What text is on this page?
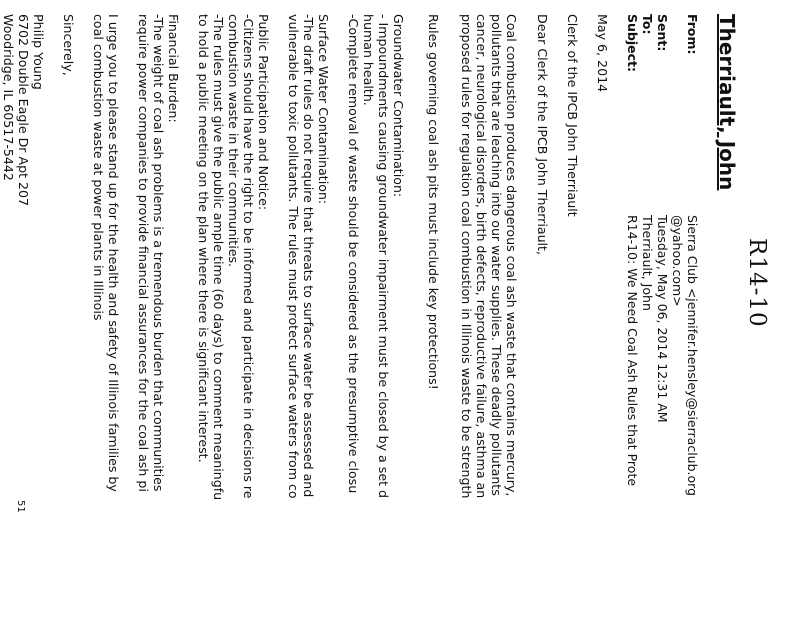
R14-10
Therriault, John
From:
Sierra Club <jennifer.hensley@sierraclub.org
@yahoo.com>
Sent:
Tuesday, May 06, 2014 12:31 AM
To:
Therriault, John
Subject:
R14-10: We Need Coal Ash Rules that Prote
May 6, 2014
Clerk of the IPCB John Therriault
Dear Clerk of the IPCB John Therriault,
Coal combustion produces dangerous coal ash waste that contains mercury,
pollutants that are leaching into our water supplies. These deadly pollutants
cancer, neurological disorders, birth defects, reproductive failure, asthma an
proposed rules for regulation coal combustion in Illinois waste to be strength
Rules governing coal ash pits must include key protections!
Groundwater Contamination:
- Impoundments causing groundwater impairment must be closed by a set d
human health.
-Complete removal of waste should be considered as the presumptive closu
Surface Water Contamination:
-The draft rules do not require that threats to surface water be assessed and
vulnerable to toxic pollutants. The rules must protect surface waters from co
Public Participation and Notice:
-Citizens should have the right to be informed and participate in decisions re
combustion waste in their communities.
-The rules must give the public ample time (60 days) to comment meaningfu
to hold a public meeting on the plan where there is significant interest.
Financial Burden:
-The weight of coal ash problems is a tremendous burden that communities
require power companies to provide financial assurances for the coal ash pi
I urge you to please stand up for the health and safety of Illinois families by
coal combustion waste at power plants in Illinois
Sincerely,
Philip Young
6702 Double Eagle Dr Apt 207
Woodridge, IL 60517-5442
51
